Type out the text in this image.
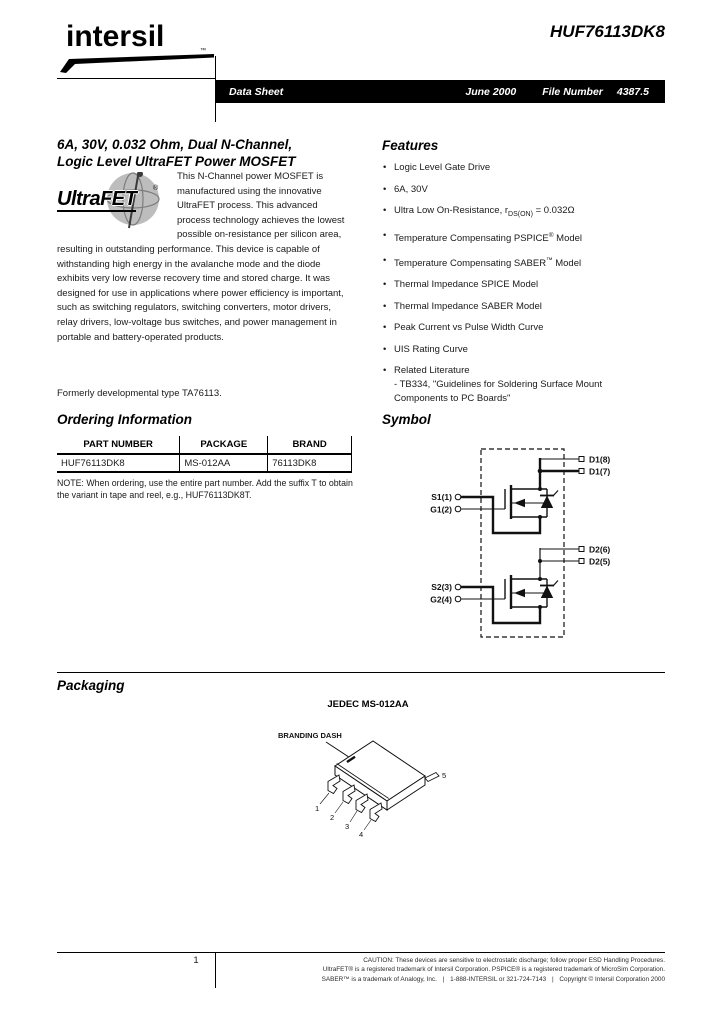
intersil	™
HUF76113DK8
Data Sheet	June 2000 File Number 4387.5
6A, 30V, 0.032 Ohm, Dual N-Channel,
Logic Level UltraFET Power MOSFET
UltraFET ®
This N-Channel power MOSFET is manufactured using the innovative UltraFET process. This advanced process technology achieves the lowest possible on-resistance per silicon area, resulting in outstanding performance. This device is capable of withstanding high energy in the avalanche mode and the diode exhibits very low reverse recovery time and stored charge. It was designed for use in applications where power efficiency is important, such as switching regulators, switching converters, motor drivers, relay drivers, low-voltage bus switches, and power management in portable and battery-operated products.
Formerly developmental type TA76113.
Ordering Information
PART NUMBER	PACKAGE	BRAND
HUF76113DK8	MS-012AA	76113DK8
NOTE: When ordering, use the entire part number. Add the suffix T to obtain the variant in tape and reel, e.g., HUF76113DK8T.
Features
• Logic Level Gate Drive
• 6A, 30V
• Ultra Low On-Resistance, $r_{DS(ON)} = 0.032\Omega$
• Temperature Compensating PSPICE® Model
• Temperature Compensating SABER™ Model
• Thermal Impedance SPICE Model
• Thermal Impedance SABER Model
• Peak Current vs Pulse Width Curve
• UIS Rating Curve
• Related Literature
- TB334, "Guidelines for Soldering Surface Mount Components to PC Boards"
Symbol
D1(8)
D1(7)
S1(1)
G1(2)
D2(6)
D2(5)
S2(3)
G2(4)
Packaging
JEDEC MS-012AA
BRANDING DASH
1
2
3
4
5
1	CAUTION: These devices are sensitive to electrostatic discharge; follow proper ESD Handling Procedures.
UltraFET® is a registered trademark of Intersil Corporation. PSPICE® is a registered trademark of MicroSim Corporation.
SABER™ is a trademark of Analogy, Inc. | 1-888-INTERSIL or 321-724-7143 | Copyright © Intersil Corporation 2000
